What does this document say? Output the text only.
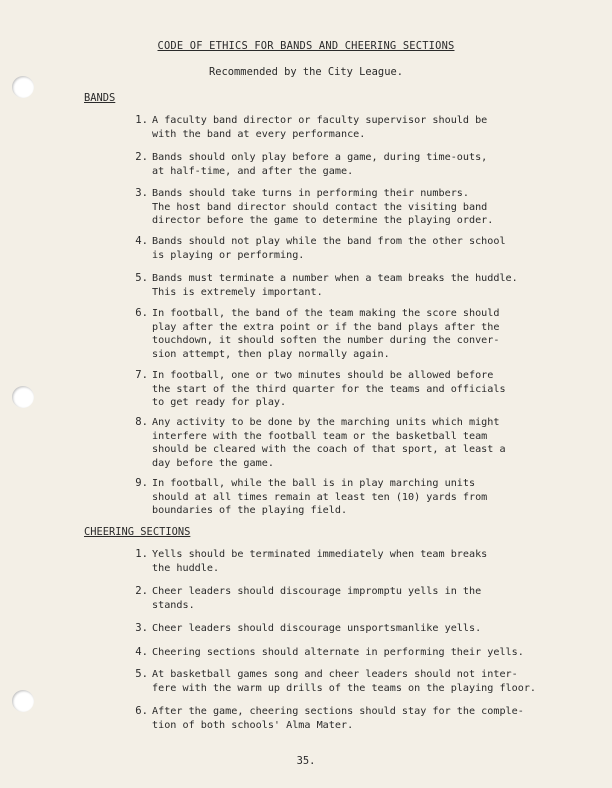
CODE OF ETHICS FOR BANDS AND CHEERING SECTIONS
Recommended by the City League.
BANDS
1. A faculty band director or faculty supervisor should be
with the band at every performance.
2. Bands should only play before a game, during time-outs,
at half-time, and after the game.
3. Bands should take turns in performing their numbers.
The host band director should contact the visiting band
director before the game to determine the playing order.
4. Bands should not play while the band from the other school
is playing or performing.
5. Bands must terminate a number when a team breaks the huddle.
This is extremely important.
6. In football, the band of the team making the score should
play after the extra point or if the band plays after the
touchdown, it should soften the number during the conver-
sion attempt, then play normally again.
7. In football, one or two minutes should be allowed before
the start of the third quarter for the teams and officials
to get ready for play.
8. Any activity to be done by the marching units which might
interfere with the football team or the basketball team
should be cleared with the coach of that sport, at least a
day before the game.
9. In football, while the ball is in play marching units
should at all times remain at least ten (10) yards from
boundaries of the playing field.
CHEERING SECTIONS
1. Yells should be terminated immediately when team breaks
the huddle.
2. Cheer leaders should discourage impromptu yells in the
stands.
3. Cheer leaders should discourage unsportsmanlike yells.
4. Cheering sections should alternate in performing their yells.
5. At basketball games song and cheer leaders should not inter-
fere with the warm up drills of the teams on the playing floor.
6. After the game, cheering sections should stay for the comple-
tion of both schools' Alma Mater.
35.
